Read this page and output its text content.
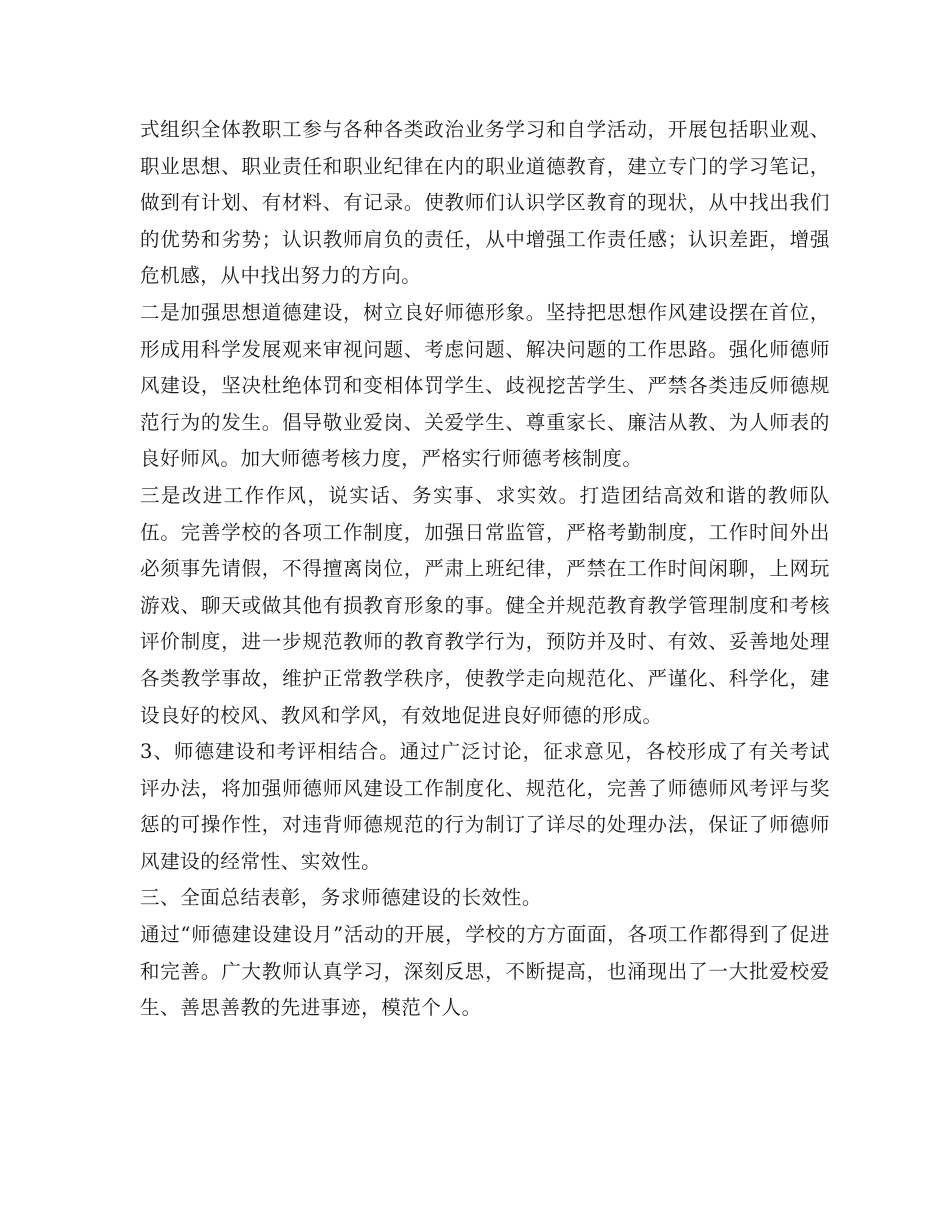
式组织全体教职工参与各种各类政治业务学习和自学活动，开展包括职业观、职业思想、职业责任和职业纪律在内的职业道德教育，建立专门的学习笔记，做到有计划、有材料、有记录。使教师们认识学区教育的现状，从中找出我们的优势和劣势；认识教师肩负的责任，从中增强工作责任感；认识差距，增强危机感，从中找出努力的方向。

二是加强思想道德建设，树立良好师德形象。坚持把思想作风建设摆在首位，形成用科学发展观来审视问题、考虑问题、解决问题的工作思路。强化师德师风建设，坚决杜绝体罚和变相体罚学生、歧视挖苦学生、严禁各类违反师德规范行为的发生。倡导敬业爱岗、关爱学生、尊重家长、廉洁从教、为人师表的良好师风。加大师德考核力度，严格实行师德考核制度。

三是改进工作作风，说实话、务实事、求实效。打造团结高效和谐的教师队伍。完善学校的各项工作制度，加强日常监管，严格考勤制度，工作时间外出必须事先请假，不得擅离岗位，严肃上班纪律，严禁在工作时间闲聊，上网玩游戏、聊天或做其他有损教育形象的事。健全并规范教育教学管理制度和考核评价制度，进一步规范教师的教育教学行为，预防并及时、有效、妥善地处理各类教学事故，维护正常教学秩序，使教学走向规范化、严谨化、科学化，建设良好的校风、教风和学风，有效地促进良好师德的形成。

3、师德建设和考评相结合。通过广泛讨论，征求意见，各校形成了有关考试评办法，将加强师德师风建设工作制度化、规范化，完善了师德师风考评与奖惩的可操作性，对违背师德规范的行为制订了详尽的处理办法，保证了师德师风建设的经常性、实效性。

三、全面总结表彰，务求师德建设的长效性。

通过“师德建设建设月”活动的开展，学校的方方面面，各项工作都得到了促进和完善。广大教师认真学习，深刻反思，不断提高，也涌现出了一大批爱校爱生、善思善教的先进事迹，模范个人。
